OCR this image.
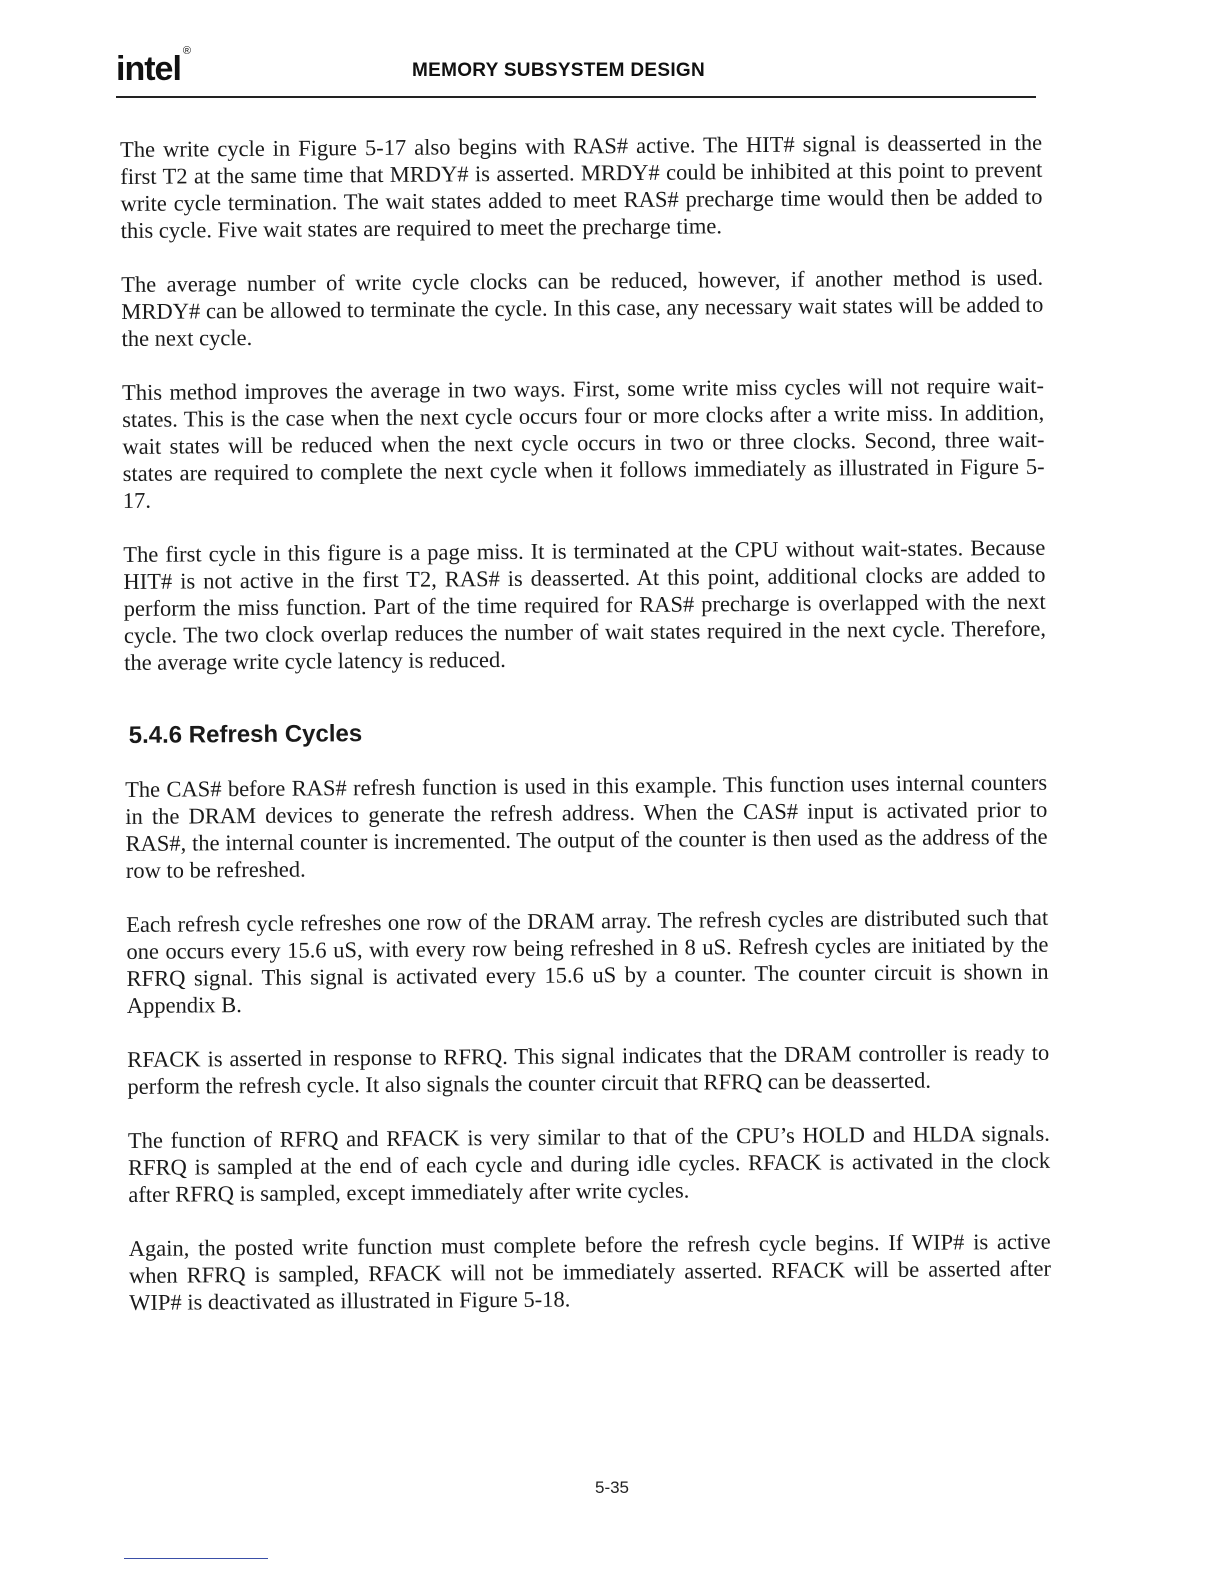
intel ®
MEMORY SUBSYSTEM DESIGN

The write cycle in Figure 5-17 also begins with RAS# active. The HIT# signal is deasserted in the first T2 at the same time that MRDY# is asserted. MRDY# could be inhibited at this point to prevent write cycle termination. The wait states added to meet RAS# precharge time would then be added to this cycle. Five wait states are required to meet the precharge time.

The average number of write cycle clocks can be reduced, however, if another method is used. MRDY# can be allowed to terminate the cycle. In this case, any necessary wait states will be added to the next cycle.

This method improves the average in two ways. First, some write miss cycles will not require wait-states. This is the case when the next cycle occurs four or more clocks after a write miss. In addition, wait states will be reduced when the next cycle occurs in two or three clocks. Second, three wait-states are required to complete the next cycle when it follows immediately as illustrated in Figure 5-17.

The first cycle in this figure is a page miss. It is terminated at the CPU without wait-states. Because HIT# is not active in the first T2, RAS# is deasserted. At this point, additional clocks are added to perform the miss function. Part of the time required for RAS# precharge is overlapped with the next cycle. The two clock overlap reduces the number of wait states required in the next cycle. Therefore, the average write cycle latency is reduced.

5.4.6 Refresh Cycles

The CAS# before RAS# refresh function is used in this example. This function uses internal counters in the DRAM devices to generate the refresh address. When the CAS# input is activated prior to RAS#, the internal counter is incremented. The output of the counter is then used as the address of the row to be refreshed.

Each refresh cycle refreshes one row of the DRAM array. The refresh cycles are distributed such that one occurs every 15.6 uS, with every row being refreshed in 8 uS. Refresh cycles are initiated by the RFRQ signal. This signal is activated every 15.6 uS by a counter. The counter circuit is shown in Appendix B.

RFACK is asserted in response to RFRQ. This signal indicates that the DRAM controller is ready to perform the refresh cycle. It also signals the counter circuit that RFRQ can be deasserted.

The function of RFRQ and RFACK is very similar to that of the CPU’s HOLD and HLDA signals. RFRQ is sampled at the end of each cycle and during idle cycles. RFACK is activated in the clock after RFRQ is sampled, except immediately after write cycles.

Again, the posted write function must complete before the refresh cycle begins. If WIP# is active when RFRQ is sampled, RFACK will not be immediately asserted. RFACK will be asserted after WIP# is deactivated as illustrated in Figure 5-18.

5-35
